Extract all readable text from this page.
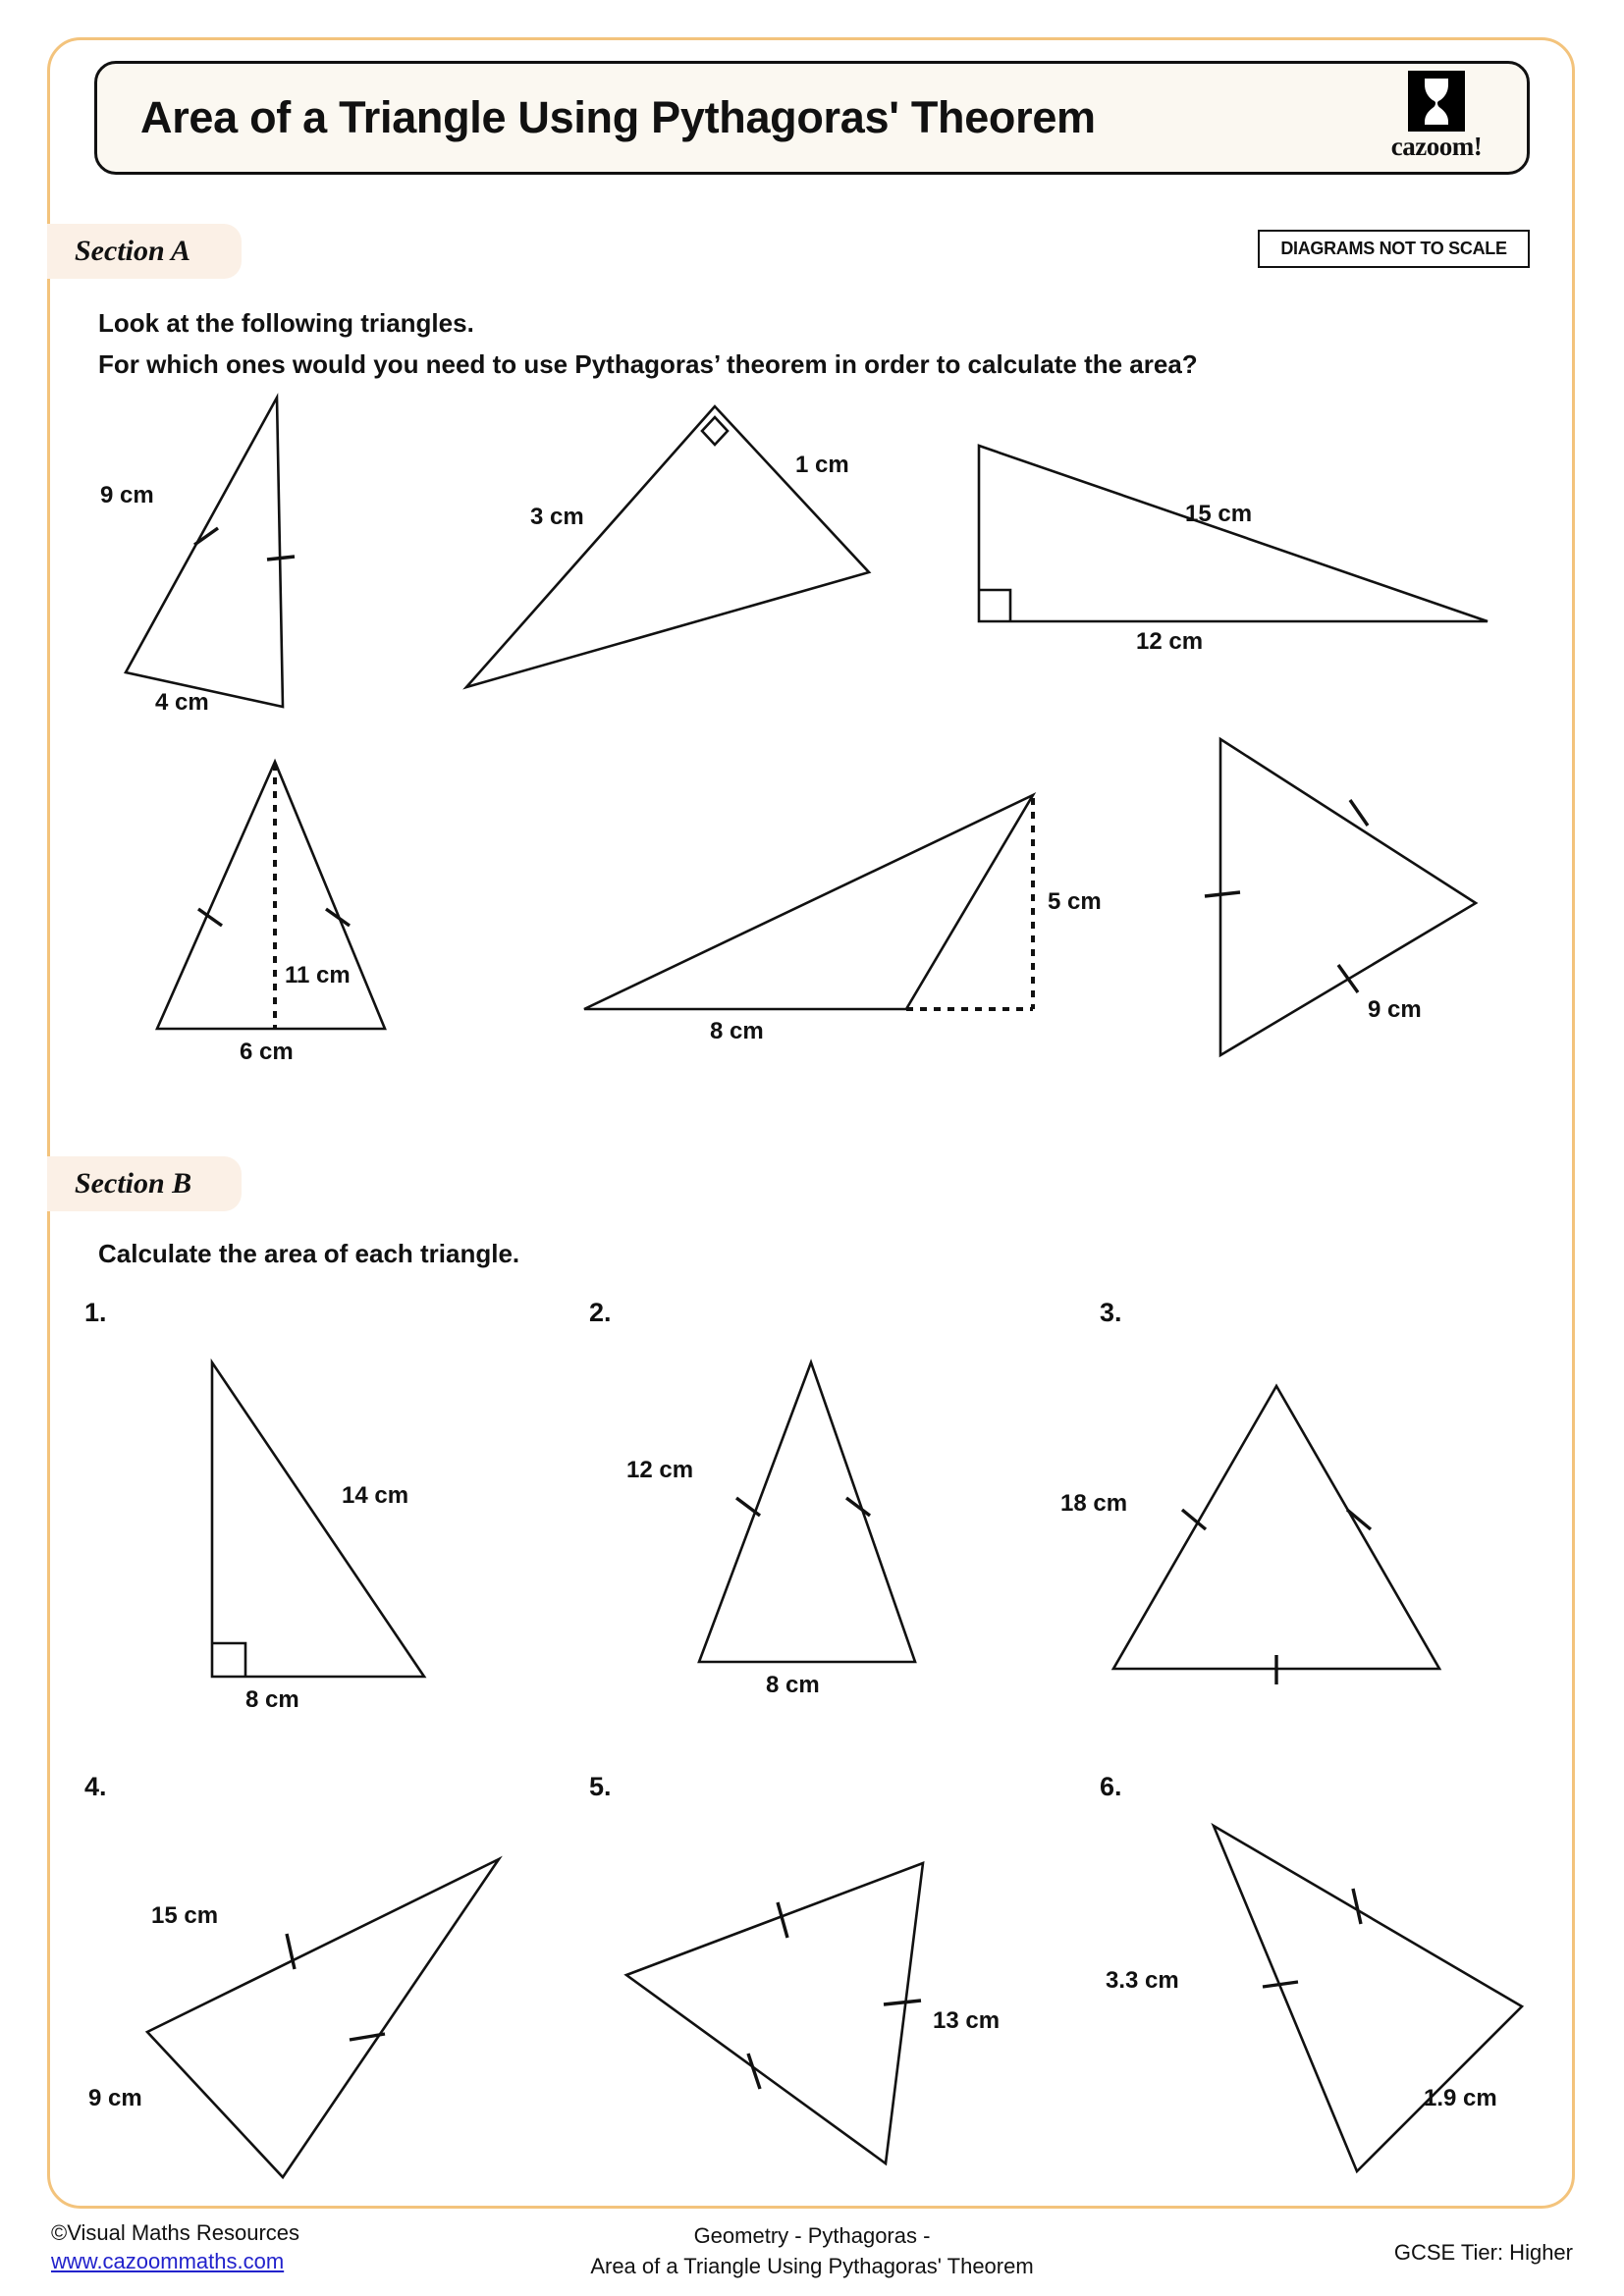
Area of a Triangle Using Pythagoras' Theorem
cazoom!
Section A	DIAGRAMS NOT TO SCALE
Look at the following triangles.
For which ones would you need to use Pythagoras’ theorem in order to calculate the area?
9 cm
4 cm
3 cm
1 cm
15 cm
12 cm
11 cm
6 cm
5 cm
8 cm
9 cm
Section B
Calculate the area of each triangle.
1.	2.	3.
4.	5.	6.
14 cm
8 cm
12 cm
8 cm
18 cm
15 cm
9 cm
13 cm
3.3 cm
1.9 cm
©Visual Maths Resources
www.cazoommaths.com
Geometry - Pythagoras -
Area of a Triangle Using Pythagoras' Theorem
GCSE Tier: Higher
